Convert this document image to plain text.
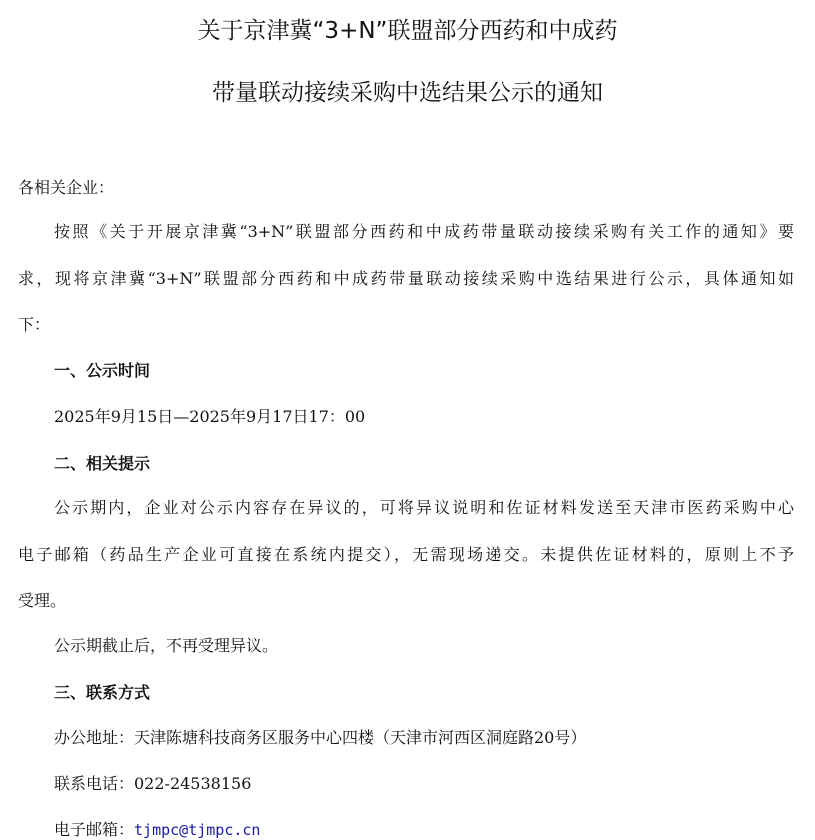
关于京津冀“3+N”联盟部分西药和中成药
带量联动接续采购中选结果公示的通知
各相关企业：
按照《关于开展京津冀“3+N”联盟部分西药和中成药带量联动接续采购有关工作的通知》要
求，现将京津冀“3+N”联盟部分西药和中成药带量联动接续采购中选结果进行公示，具体通知如
下：
一、公示时间
2025年9月15日—2025年9月17日17：00
二、相关提示
公示期内，企业对公示内容存在异议的，可将异议说明和佐证材料发送至天津市医药采购中心
电子邮箱（药品生产企业可直接在系统内提交），无需现场递交。未提供佐证材料的，原则上不予
受理。
公示期截止后，不再受理异议。
三、联系方式
办公地址：天津陈塘科技商务区服务中心四楼（天津市河西区洞庭路20号）
联系电话：022-24538156
电子邮箱：tjmpc@tjmpc.cn
